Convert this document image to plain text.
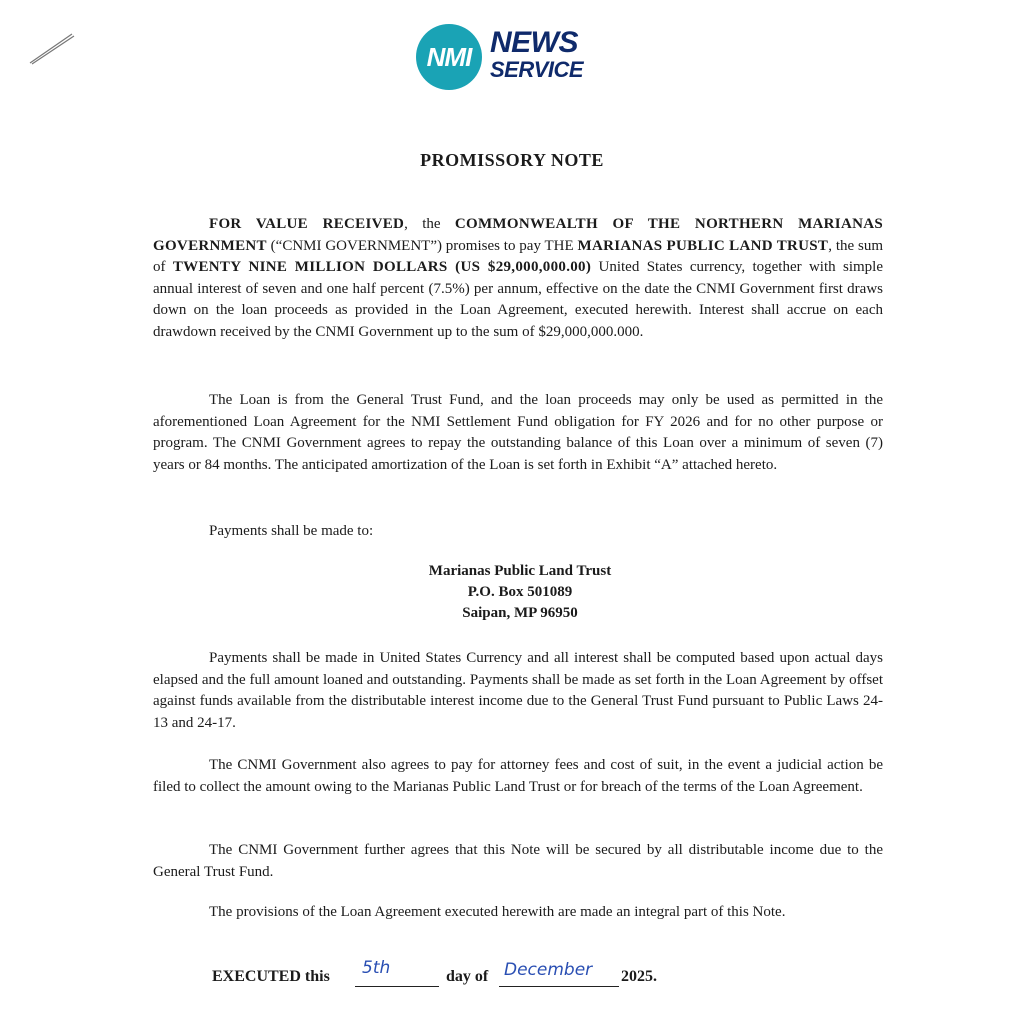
NMI NEWS
SERVICE
PROMISSORY NOTE

FOR VALUE RECEIVED, the COMMONWEALTH OF THE NORTHERN MARIANAS GOVERNMENT (“CNMI GOVERNMENT”) promises to pay THE MARIANAS PUBLIC LAND TRUST, the sum of TWENTY NINE MILLION DOLLARS (US $29,000,000.00) United States currency, together with simple annual interest of seven and one half percent (7.5%) per annum, effective on the date the CNMI Government first draws down on the loan proceeds as provided in the Loan Agreement, executed herewith. Interest shall accrue on each drawdown received by the CNMI Government up to the sum of $29,000,000.000.

The Loan is from the General Trust Fund, and the loan proceeds may only be used as permitted in the aforementioned Loan Agreement for the NMI Settlement Fund obligation for FY 2026 and for no other purpose or program. The CNMI Government agrees to repay the outstanding balance of this Loan over a minimum of seven (7) years or 84 months. The anticipated amortization of the Loan is set forth in Exhibit “A” attached hereto.

Payments shall be made to:

Marianas Public Land Trust
P.O. Box 501089
Saipan, MP 96950

Payments shall be made in United States Currency and all interest shall be computed based upon actual days elapsed and the full amount loaned and outstanding. Payments shall be made as set forth in the Loan Agreement by offset against funds available from the distributable interest income due to the General Trust Fund pursuant to Public Laws 24-13 and 24-17.

The CNMI Government also agrees to pay for attorney fees and cost of suit, in the event a judicial action be filed to collect the amount owing to the Marianas Public Land Trust or for breach of the terms of the Loan Agreement.

The CNMI Government further agrees that this Note will be secured by all distributable income due to the General Trust Fund.

The provisions of the Loan Agreement executed herewith are made an integral part of this Note.

EXECUTED this 5th	day of December 2025.
